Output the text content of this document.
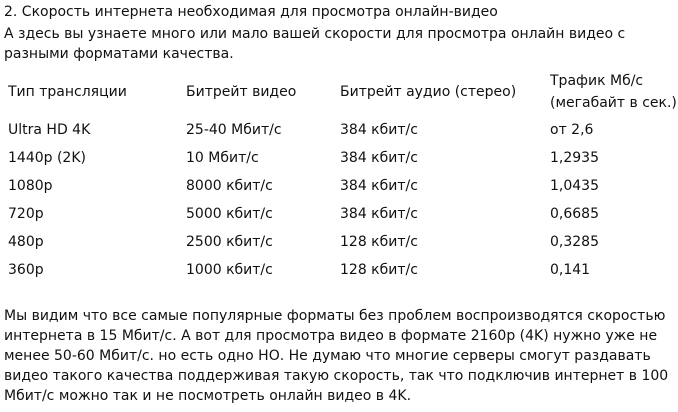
2. Скорость интернета необходимая для просмотра онлайн-видео
А здесь вы узнаете много или мало вашей скорости для просмотра онлайн видео с разными форматами качества.
Тип трансляции	Битрейт видео	Битрейт аудио (стерео)	Трафик Мб/с
(мегабайт в сек.)
Ultra HD 4K	25-40 Мбит/с	384 кбит/с	от 2,6
1440p (2K)	10 Мбит/с	384 кбит/с	1,2935
1080p	8000 кбит/с	384 кбит/с	1,0435
720p	5000 кбит/с	384 кбит/с	0,6685
480p	2500 кбит/с	128 кбит/с	0,3285
360p	1000 кбит/с	128 кбит/с	0,141
Мы видим что все самые популярные форматы без проблем воспроизводятся скоростью интернета в 15 Мбит/с. А вот для просмотра видео в формате 2160p (4K) нужно уже не менее 50-60 Мбит/с. но есть одно НО. Не думаю что многие серверы смогут раздавать видео такого качества поддерживая такую скорость, так что подключив интернет в 100 Мбит/с можно так и не посмотреть онлайн видео в 4K.
